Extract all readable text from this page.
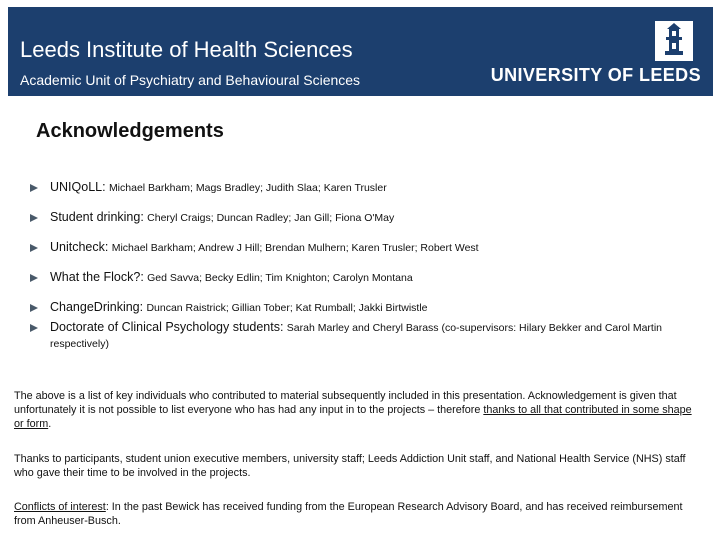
Leeds Institute of Health Sciences
Academic Unit of Psychiatry and Behavioural Sciences	UNIVERSITY OF LEEDS
Acknowledgements
UNIQoLL: Michael Barkham; Mags Bradley; Judith Slaa; Karen Trusler
Student drinking: Cheryl Craigs; Duncan Radley; Jan Gill; Fiona O'May
Unitcheck: Michael Barkham; Andrew J Hill; Brendan Mulhern; Karen Trusler; Robert West
What the Flock?: Ged Savva; Becky Edlin; Tim Knighton; Carolyn Montana
ChangeDrinking: Duncan Raistrick; Gillian Tober; Kat Rumball; Jakki Birtwistle
Doctorate of Clinical Psychology students: Sarah Marley and Cheryl Barass (co-supervisors: Hilary Bekker and Carol Martin respectively)
The above is a list of key individuals who contributed to material subsequently included in this presentation. Acknowledgement is given that unfortunately it is not possible to list everyone who has had any input in to the projects – therefore thanks to all that contributed in some shape or form.
Thanks to participants, student union executive members, university staff; Leeds Addiction Unit staff, and National Health Service (NHS) staff who gave their time to be involved in the projects.
Conflicts of interest: In the past Bewick has received funding from the European Research Advisory Board, and has received reimbursement from Anheuser-Busch.
